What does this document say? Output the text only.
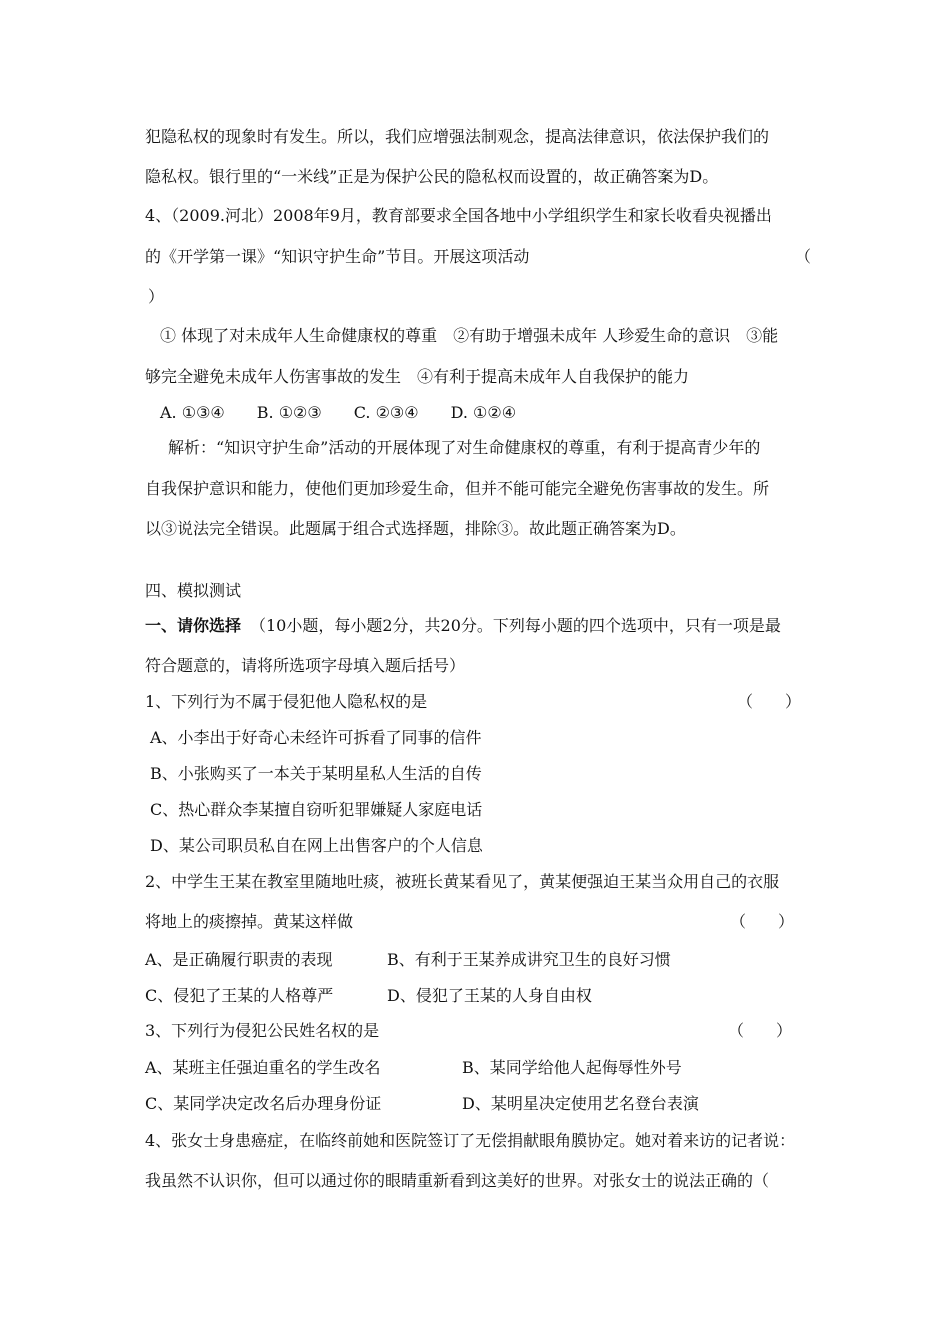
犯隐私权的现象时有发生。所以，我们应增强法制观念，提高法律意识，依法保护我们的
隐私权。银行里的“一米线”正是为保护公民的隐私权而设置的，故正确答案为D。
4、（2009.河北）2008年9月，教育部要求全国各地中小学组织学生和家长收看央视播出
的《开学第一课》“知识守护生命”节目。开展这项活动	（
）
① 体现了对未成年人生命健康权的尊重　②有助于增强未成年 人珍爱生命的意识　③能
够完全避免未成年人伤害事故的发生　④有利于提高未成年人自我保护的能力
A. ①③④　　B. ①②③　　C. ②③④　　D. ①②④
解析：“知识守护生命”活动的开展体现了对生命健康权的尊重，有利于提高青少年的
自我保护意识和能力，使他们更加珍爱生命，但并不能可能完全避免伤害事故的发生。所
以③说法完全错误。此题属于组合式选择题，排除③。故此题正确答案为D。
四、模拟测试
一、请你选择 （10小题，每小题2分，共20分。下列每小题的四个选项中，只有一项是最
符合题意的，请将所选项字母填入题后括号）
1、下列行为不属于侵犯他人隐私权的是	（　　）
A、小李出于好奇心未经许可拆看了同事的信件
B、小张购买了一本关于某明星私人生活的自传
C、热心群众李某擅自窃听犯罪嫌疑人家庭电话
D、某公司职员私自在网上出售客户的个人信息
2、中学生王某在教室里随地吐痰，被班长黄某看见了，黄某便强迫王某当众用自己的衣服
将地上的痰擦掉。黄某这样做	（　　）
A、是正确履行职责的表现	B、有利于王某养成讲究卫生的良好习惯
C、侵犯了王某的人格尊严	D、侵犯了王某的人身自由权
3、下列行为侵犯公民姓名权的是	（　　）
A、某班主任强迫重名的学生改名	B、某同学给他人起侮辱性外号
C、某同学决定改名后办理身份证	D、某明星决定使用艺名登台表演
4、张女士身患癌症，在临终前她和医院签订了无偿捐献眼角膜协定。她对着来访的记者说：
我虽然不认识你，但可以通过你的眼睛重新看到这美好的世界。对张女士的说法正确的（
